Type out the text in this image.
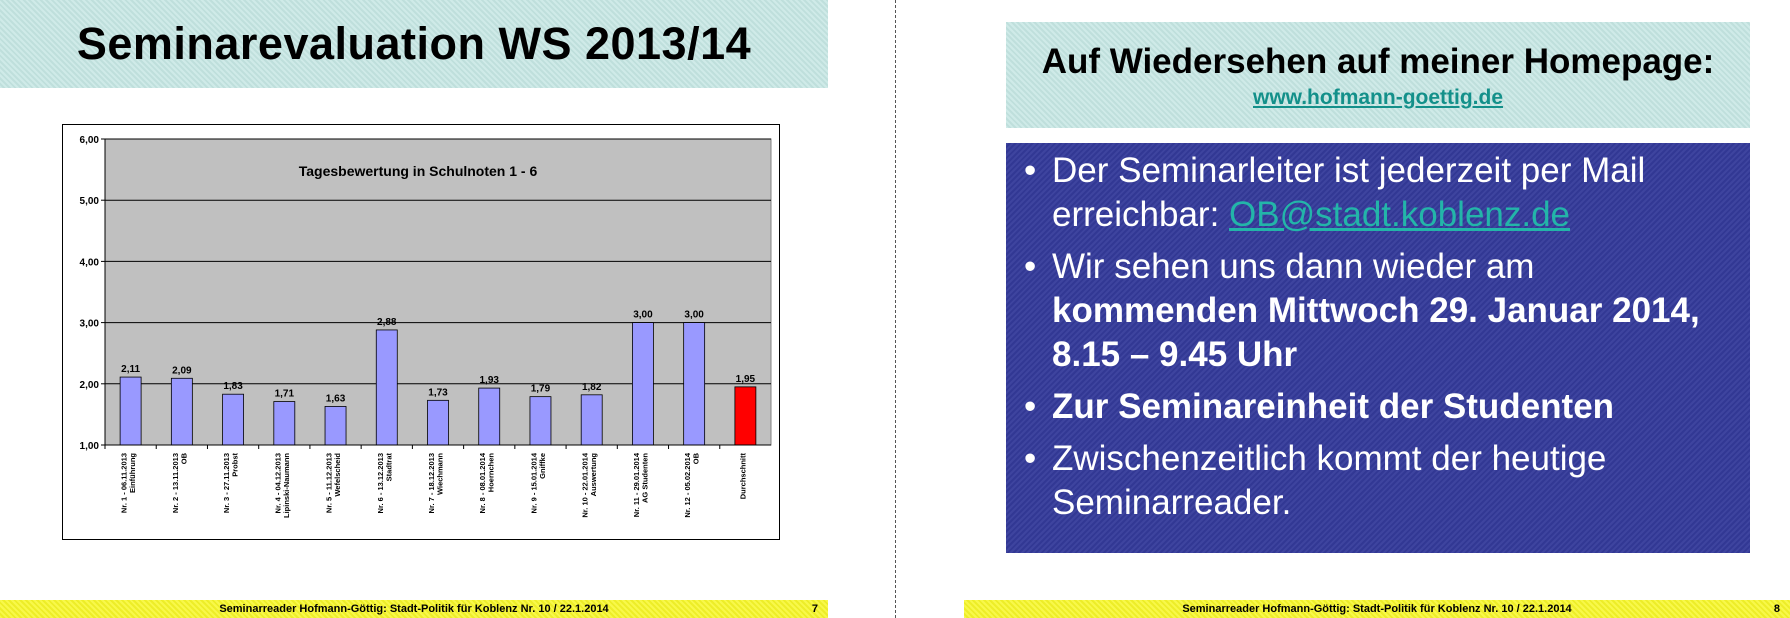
Seminarevaluation WS 2013/14
1,00
2,00
3,00
4,00
5,00
6,00
Tagesbewertung in Schulnoten 1 - 6
2,11
Nr. 1 - 06.11.2013Einführung
2,09
Nr. 2 - 13.11.2013OB
1,83
Nr. 3 - 27.11.2013Probst
1,71
Nr. 4 - 04.12.2013Lipinski-Naumann
1,63
Nr. 5 - 11.12.2013Wefelscheid
2,88
Nr. 6 - 13.12.2013Stadtrat
1,73
Nr. 7 - 18.12.2013Wiechmann
1,93
Nr. 8 - 08.01.2014Hoernchen
1,79
Nr. 9 - 15.01.2014Gniffke
1,82
Nr. 10 - 22.01.2014Auswertung
3,00
Nr. 11 - 29.01.2014AG Studenten
3,00
Nr. 12 - 05.02.2014OB
1,95
Durchschnitt
Seminarreader Hofmann-Göttig: Stadt-Politik für Koblenz Nr. 10 / 22.1.2014	7
Auf Wiedersehen auf meiner Homepage:
www.hofmann-goettig.de
• Der Seminarleiter ist jederzeit per Mail erreichbar: OB@stadt.koblenz.de
• Wir sehen uns dann wieder am kommenden Mittwoch 29. Januar 2014, 8.15 – 9.45 Uhr
• Zur Seminareinheit der Studenten
• Zwischenzeitlich kommt der heutige Seminarreader.
Seminarreader Hofmann-Göttig: Stadt-Politik für Koblenz Nr. 10 / 22.1.2014	8
